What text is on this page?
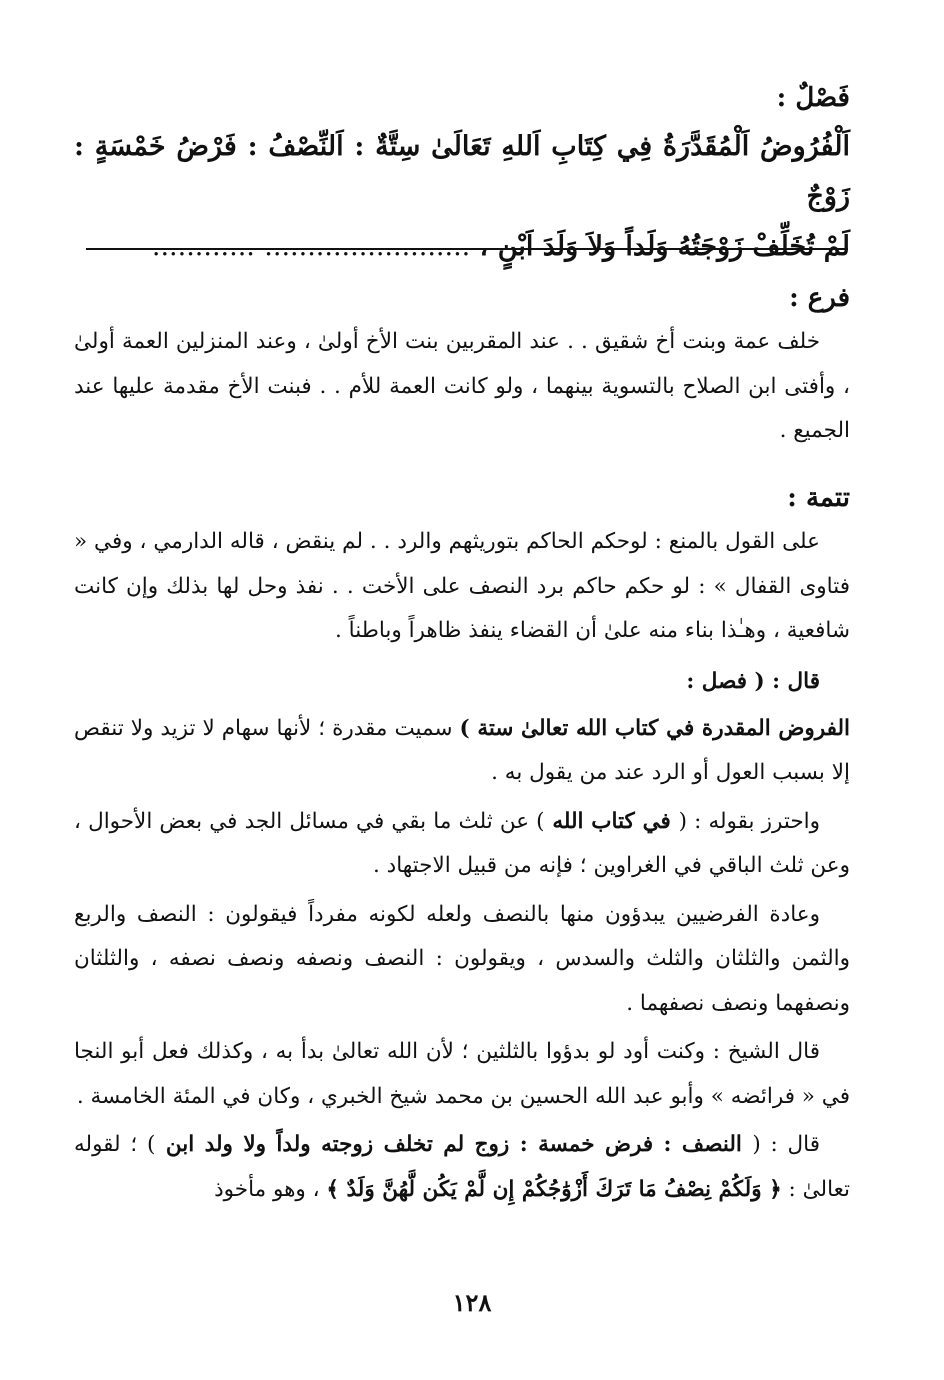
فَصْلٌ :

اَلْفُرُوضُ اَلْمُقَدَّرَةُ فِي كِتَابِ اَللهِ تَعَالَىٰ سِتَّةٌ : اَلنِّصْفُ : فَرْضُ خَمْسَةٍ : زَوْجٌ

لَمْ تُخَلِّفْ زَوْجَتُهُ وَلَداً وَلاَ وَلَدَ اَبْنٍ ، ........................ ............

فرع :

خلف عمة وبنت أخ شقيق . . عند المقربين بنت الأخ أولىٰ ، وعند المنزلين العمة أولىٰ ، وأفتى ابن الصلاح بالتسوية بينهما ، ولو كانت العمة للأم . . فبنت الأخ مقدمة عليها عند الجميع .

تتمة :

على القول بالمنع : لوحكم الحاكم بتوريثهم والرد . . لم ينقض ، قاله الدارمي ، وفي « فتاوى القفال » : لو حكم حاكم برد النصف على الأخت . . نفذ وحل لها بذلك وإن كانت شافعية ، وهـٰذا بناء منه علىٰ أن القضاء ينفذ ظاهراً وباطناً .

قال : ( فصل :

الفروض المقدرة في كتاب الله تعالىٰ ستة ) سميت مقدرة ؛ لأنها سهام لا تزيد ولا تنقص إلا بسبب العول أو الرد عند من يقول به .

واحترز بقوله : ( في كتاب الله ) عن ثلث ما بقي في مسائل الجد في بعض الأحوال ، وعن ثلث الباقي في الغراوين ؛ فإنه من قبيل الاجتهاد .

وعادة الفرضيين يبدؤون منها بالنصف ولعله لكونه مفرداً فيقولون : النصف والربع والثمن والثلثان والثلث والسدس ، ويقولون : النصف ونصفه ونصف نصفه ، والثلثان ونصفهما ونصف نصفهما .

قال الشيخ : وكنت أود لو بدؤوا بالثلثين ؛ لأن الله تعالىٰ بدأ به ، وكذلك فعل أبو النجا في « فرائضه » وأبو عبد الله الحسين بن محمد شيخ الخبري ، وكان في المئة الخامسة .

قال : ( النصف : فرض خمسة : زوج لم تخلف زوجته ولداً ولا ولد ابن ) ؛ لقوله تعالىٰ : ﴿ وَلَكُمْ نِصْفُ مَا تَرَكَ أَزْوَٰجُكُمْ إِن لَّمْ يَكُن لَّهُنَّ وَلَدٌ ﴾ ، وهو مأخوذ

١٢٨
